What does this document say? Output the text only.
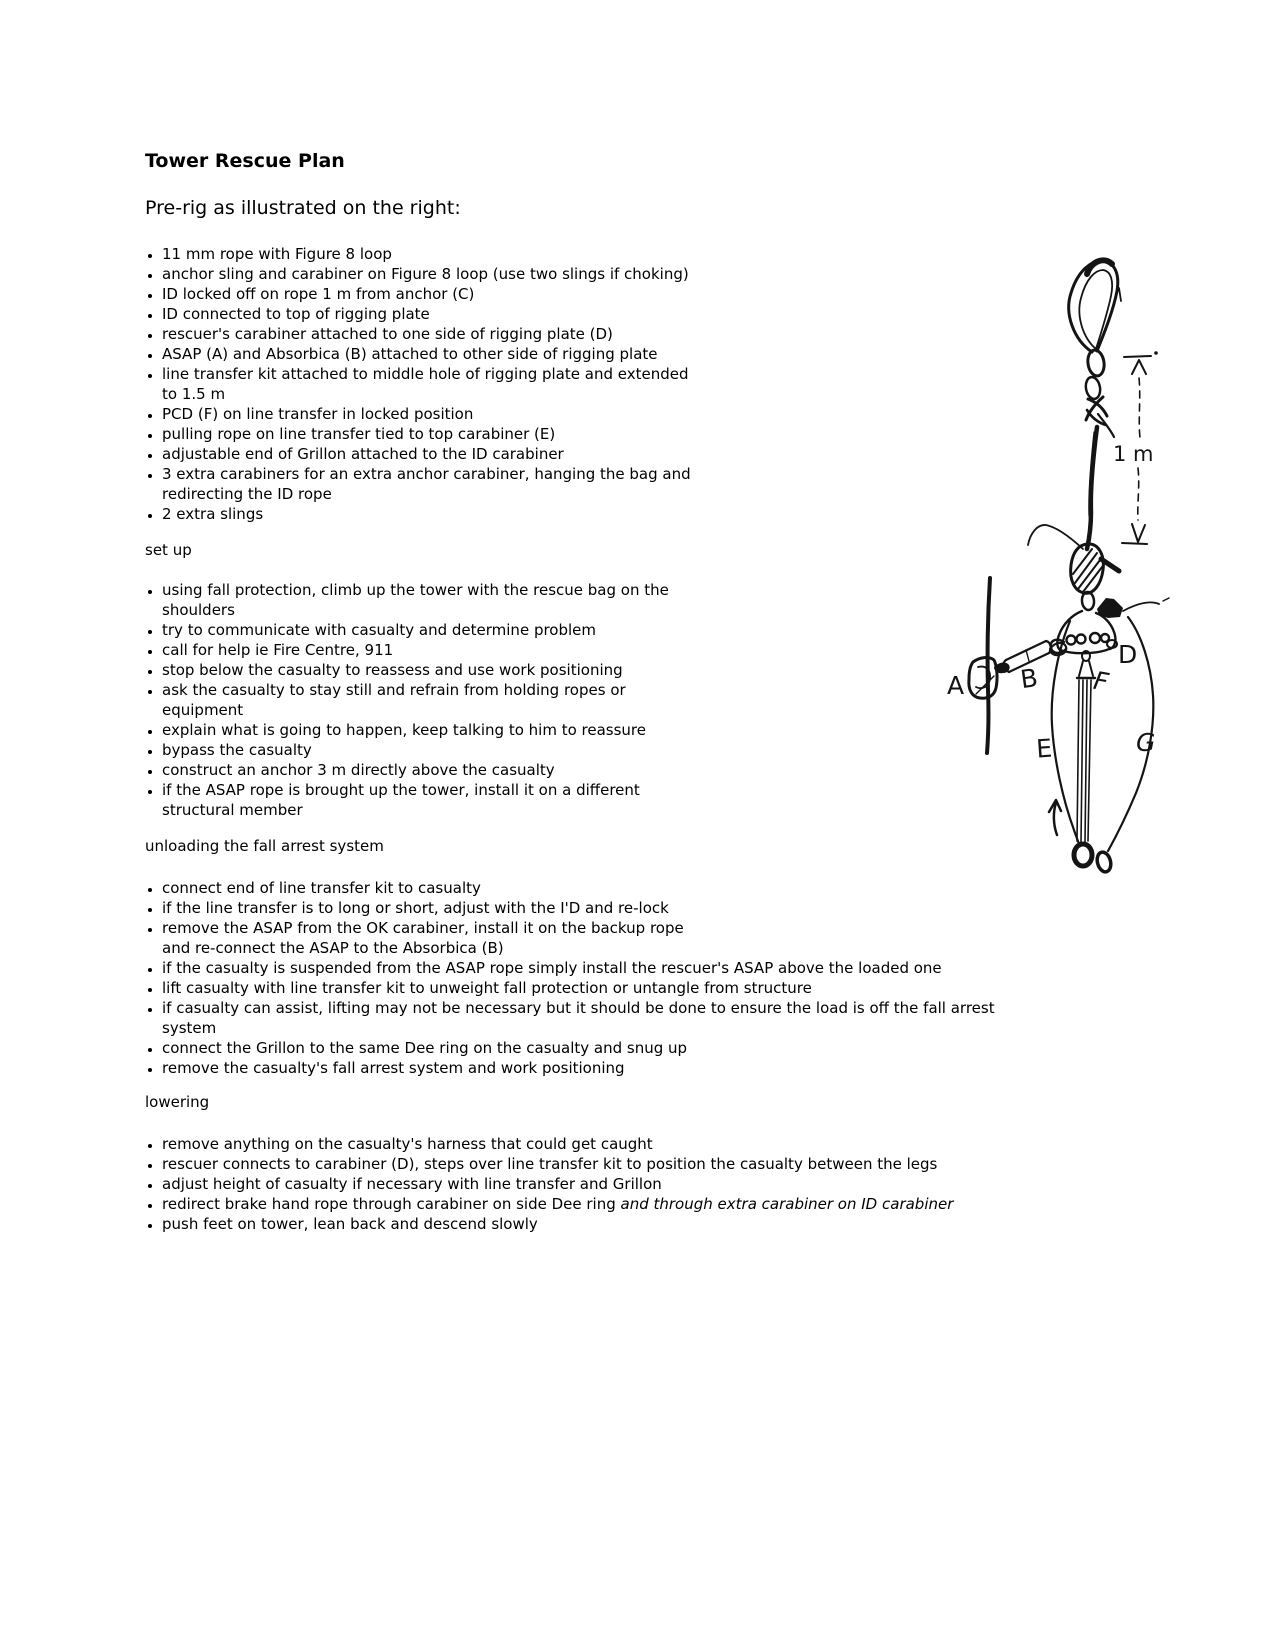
Tower Rescue Plan
Pre-rig as illustrated on the right:
• 11 mm rope with Figure 8 loop
• anchor sling and carabiner on Figure 8 loop (use two slings if choking)
• ID locked off on rope 1 m from anchor (C)
• ID connected to top of rigging plate
• rescuer's carabiner attached to one side of rigging plate (D)
• ASAP (A) and Absorbica (B) attached to other side of rigging plate
• line transfer kit attached to middle hole of rigging plate and extended
to 1.5 m
• PCD (F) on line transfer in locked position
• pulling rope on line transfer tied to top carabiner (E)
• adjustable end of Grillon attached to the ID carabiner
• 3 extra carabiners for an extra anchor carabiner, hanging the bag and
redirecting the ID rope
• 2 extra slings
set up
• using fall protection, climb up the tower with the rescue bag on the
shoulders
• try to communicate with casualty and determine problem
• call for help ie Fire Centre, 911
• stop below the casualty to reassess and use work positioning
• ask the casualty to stay still and refrain from holding ropes or
equipment
• explain what is going to happen, keep talking to him to reassure
• bypass the casualty
• construct an anchor 3 m directly above the casualty
• if the ASAP rope is brought up the tower, install it on a different
structural member
unloading the fall arrest system
• connect end of line transfer kit to casualty
• if the line transfer is to long or short, adjust with the I'D and re-lock
• remove the ASAP from the OK carabiner, install it on the backup rope
and re-connect the ASAP to the Absorbica (B)
• if the casualty is suspended from the ASAP rope simply install the rescuer's ASAP above the loaded one
• lift casualty with line transfer kit to unweight fall protection or untangle from structure
• if casualty can assist, lifting may not be necessary but it should be done to ensure the load is off the fall arrest
system
• connect the Grillon to the same Dee ring on the casualty and snug up
• remove the casualty's fall arrest system and work positioning
lowering
• remove anything on the casualty's harness that could get caught
• rescuer connects to carabiner (D), steps over line transfer kit to position the casualty between the legs
• adjust height of casualty if necessary with line transfer and Grillon
• redirect brake hand rope through carabiner on side Dee ring and through extra carabiner on ID carabiner
• push feet on tower, lean back and descend slowly
1 m
A B
D
E
F
G
